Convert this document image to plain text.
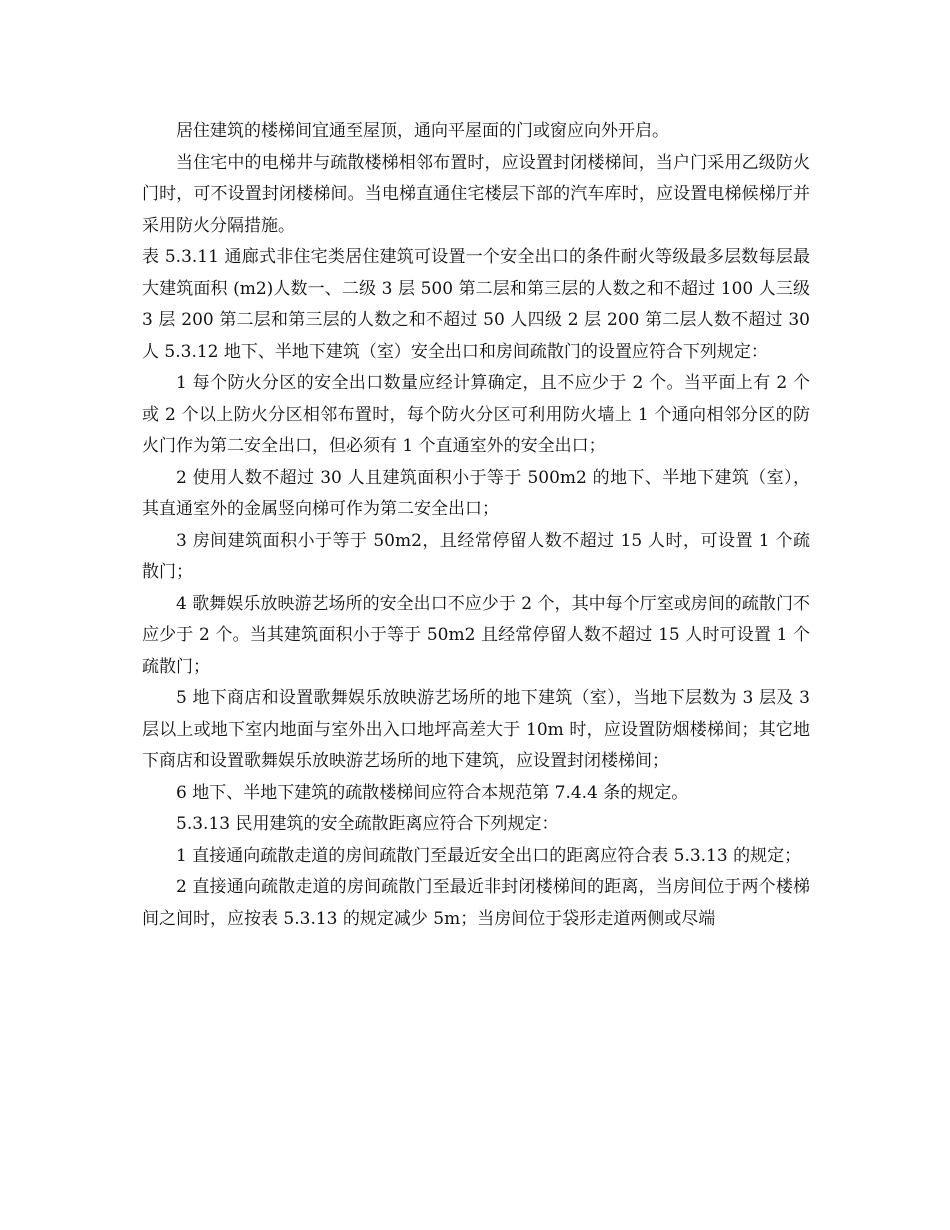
居住建筑的楼梯间宜通至屋顶，通向平屋面的门或窗应向外开启。

当住宅中的电梯井与疏散楼梯相邻布置时，应设置封闭楼梯间，当户门采用乙级防火门时，可不设置封闭楼梯间。当电梯直通住宅楼层下部的汽车库时，应设置电梯候梯厅并采用防火分隔措施。

表 5.3.11 通廊式非住宅类居住建筑可设置一个安全出口的条件耐火等级最多层数每层最大建筑面积 (m2)人数一、二级 3 层 500 第二层和第三层的人数之和不超过 100 人三级 3 层 200 第二层和第三层的人数之和不超过 50 人四级 2 层 200 第二层人数不超过 30 人 5.3.12 地下、半地下建筑（室）安全出口和房间疏散门的设置应符合下列规定：

1 每个防火分区的安全出口数量应经计算确定，且不应少于 2 个。当平面上有 2 个或 2 个以上防火分区相邻布置时，每个防火分区可利用防火墙上 1 个通向相邻分区的防火门作为第二安全出口，但必须有 1 个直通室外的安全出口；

2 使用人数不超过 30 人且建筑面积小于等于 500m2 的地下、半地下建筑（室），其直通室外的金属竖向梯可作为第二安全出口；

3 房间建筑面积小于等于 50m2，且经常停留人数不超过 15 人时，可设置 1 个疏散门；

4 歌舞娱乐放映游艺场所的安全出口不应少于 2 个，其中每个厅室或房间的疏散门不应少于 2 个。当其建筑面积小于等于 50m2 且经常停留人数不超过 15 人时可设置 1 个疏散门；

5 地下商店和设置歌舞娱乐放映游艺场所的地下建筑（室），当地下层数为 3 层及 3 层以上或地下室内地面与室外出入口地坪高差大于 10m 时，应设置防烟楼梯间；其它地下商店和设置歌舞娱乐放映游艺场所的地下建筑，应设置封闭楼梯间；

6 地下、半地下建筑的疏散楼梯间应符合本规范第 7.4.4 条的规定。

5.3.13 民用建筑的安全疏散距离应符合下列规定：

1 直接通向疏散走道的房间疏散门至最近安全出口的距离应符合表 5.3.13 的规定；

2 直接通向疏散走道的房间疏散门至最近非封闭楼梯间的距离，当房间位于两个楼梯间之间时，应按表 5.3.13 的规定减少 5m；当房间位于袋形走道两侧或尽端
